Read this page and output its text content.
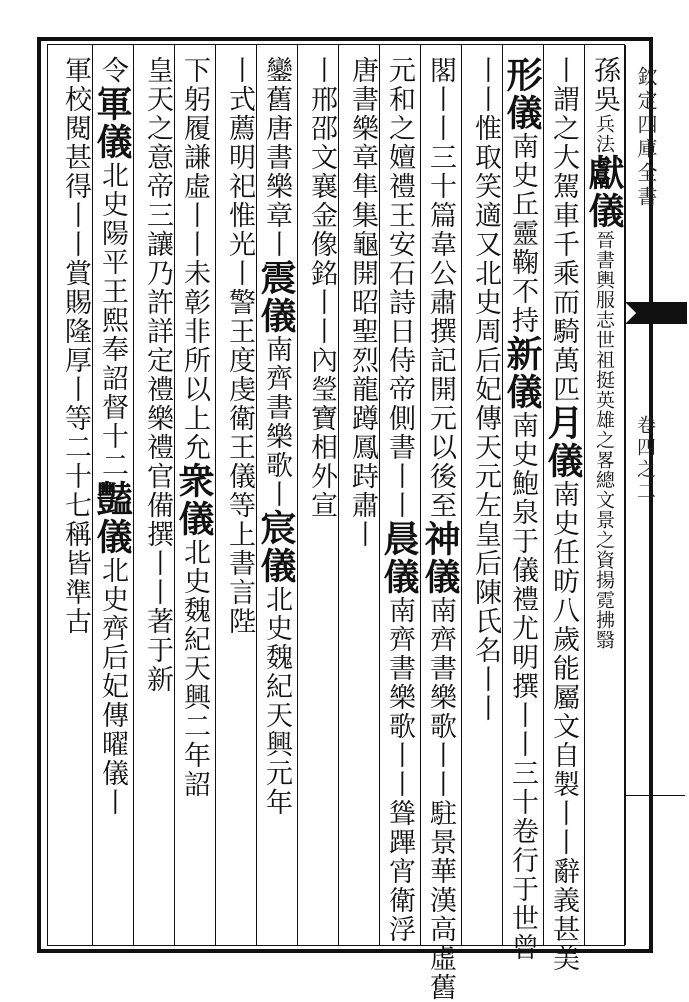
欽定四庫全書
卷四之二
孫吳兵法獻儀晉書輿服志世祖挺英雄之畧總文景之資揚霓拂翳
丨謂之大駕車千乘而騎萬匹月儀南史任昉八歲能屬文自製丨丨辭義甚美
形儀南史丘靈鞠不持新儀南史鮑泉于儀禮尤明撰丨丨三十卷行于世曾
丨丨惟取笑適又北史周后妃傳天元左皇后陳氏名丨丨
閣丨丨三十篇韋公肅撰記開元以後至神儀南齊書樂歌丨丨駐景華漢高虛舊
元和之嬗禮王安石詩日侍帝側書丨丨晨儀南齊書樂歌丨丨聳蹕宵衛浮
唐書樂章隼集龜開昭聖烈龍蹲鳳跱肅丨
丨邢邵文襄金像銘丨丨內瑩寶相外宣
鑾舊唐書樂章丨震儀南齊書樂歌丨宸儀北史魏紀天興元年
丨式薦明祀惟光丨警王度虔衛王儀等上書言陛
下躬履謙虛丨丨未彰非所以上允衆儀北史魏紀天興二年詔
皇天之意帝三讓乃許詳定禮樂禮官備撰丨丨著于新
令軍儀北史陽平王熙奉詔督十二豔儀北史齊后妃傳曜儀丨
軍校閱甚得丨丨賞賜隆厚丨等二十七稱皆準古
